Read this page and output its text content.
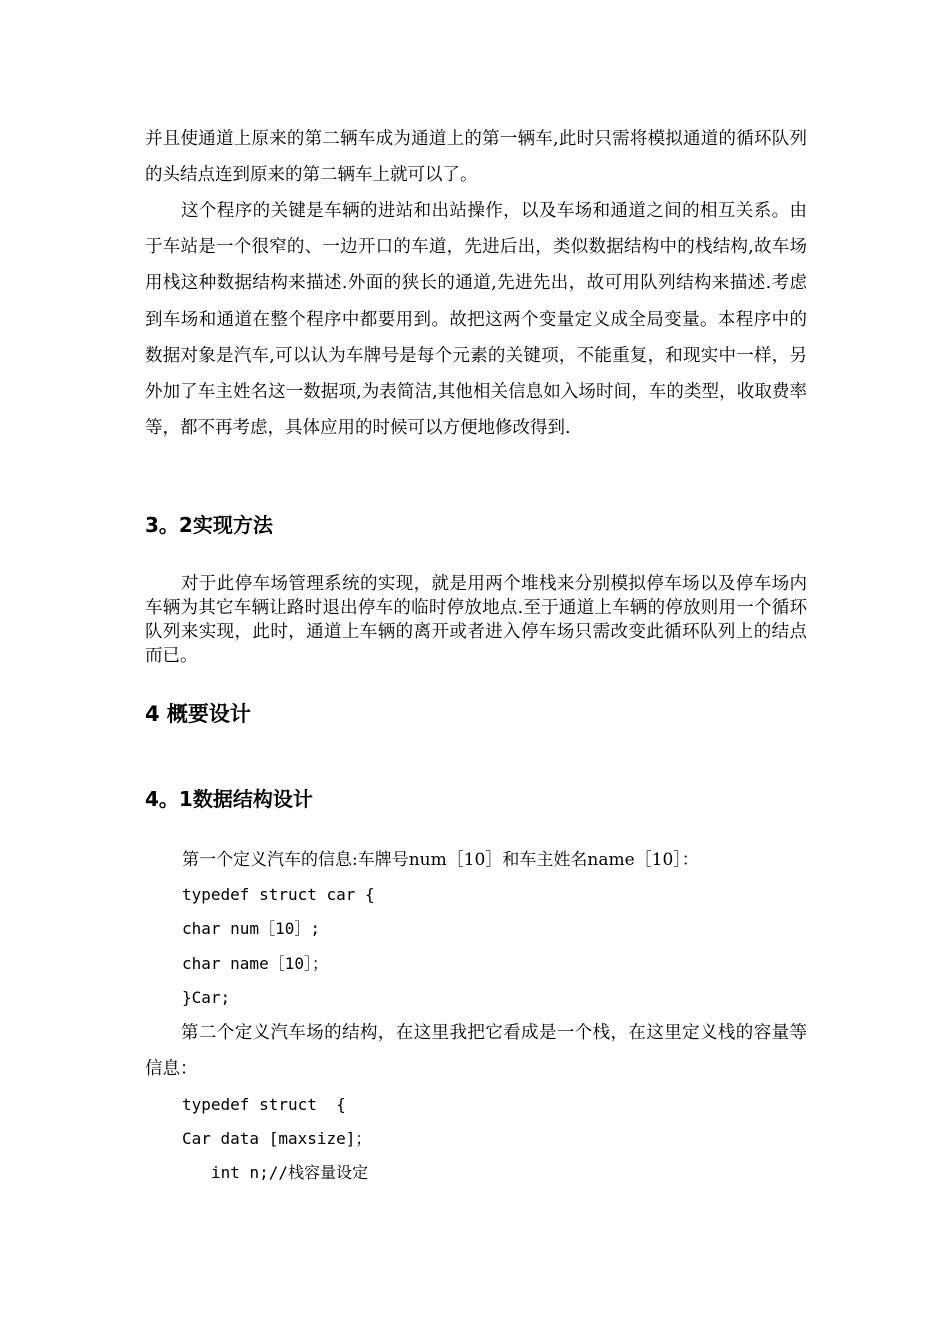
并且使通道上原来的第二辆车成为通道上的第一辆车,此时只需将模拟通道的循环队列的头结点连到原来的第二辆车上就可以了。

这个程序的关键是车辆的进站和出站操作，以及车场和通道之间的相互关系。由于车站是一个很窄的、一边开口的车道，先进后出，类似数据结构中的栈结构,故车场用栈这种数据结构来描述.外面的狭长的通道,先进先出，故可用队列结构来描述.考虑到车场和通道在整个程序中都要用到。故把这两个变量定义成全局变量。本程序中的数据对象是汽车,可以认为车牌号是每个元素的关键项，不能重复，和现实中一样，另外加了车主姓名这一数据项,为表简洁,其他相关信息如入场时间，车的类型，收取费率等，都不再考虑，具体应用的时候可以方便地修改得到.

3。2实现方法

对于此停车场管理系统的实现，就是用两个堆栈来分别模拟停车场以及停车场内车辆为其它车辆让路时退出停车的临时停放地点.至于通道上车辆的停放则用一个循环队列来实现，此时，通道上车辆的离开或者进入停车场只需改变此循环队列上的结点而已。

4 概要设计
4。1数据结构设计

第一个定义汽车的信息:车牌号num［10］和车主姓名name［10］：

typedef struct car {

char num［10］;

char name［10］；

}Car;

第二个定义汽车场的结构，在这里我把它看成是一个栈，在这里定义栈的容量等信息：

typedef struct  {

Car data [maxsize]；

int n;//栈容量设定
